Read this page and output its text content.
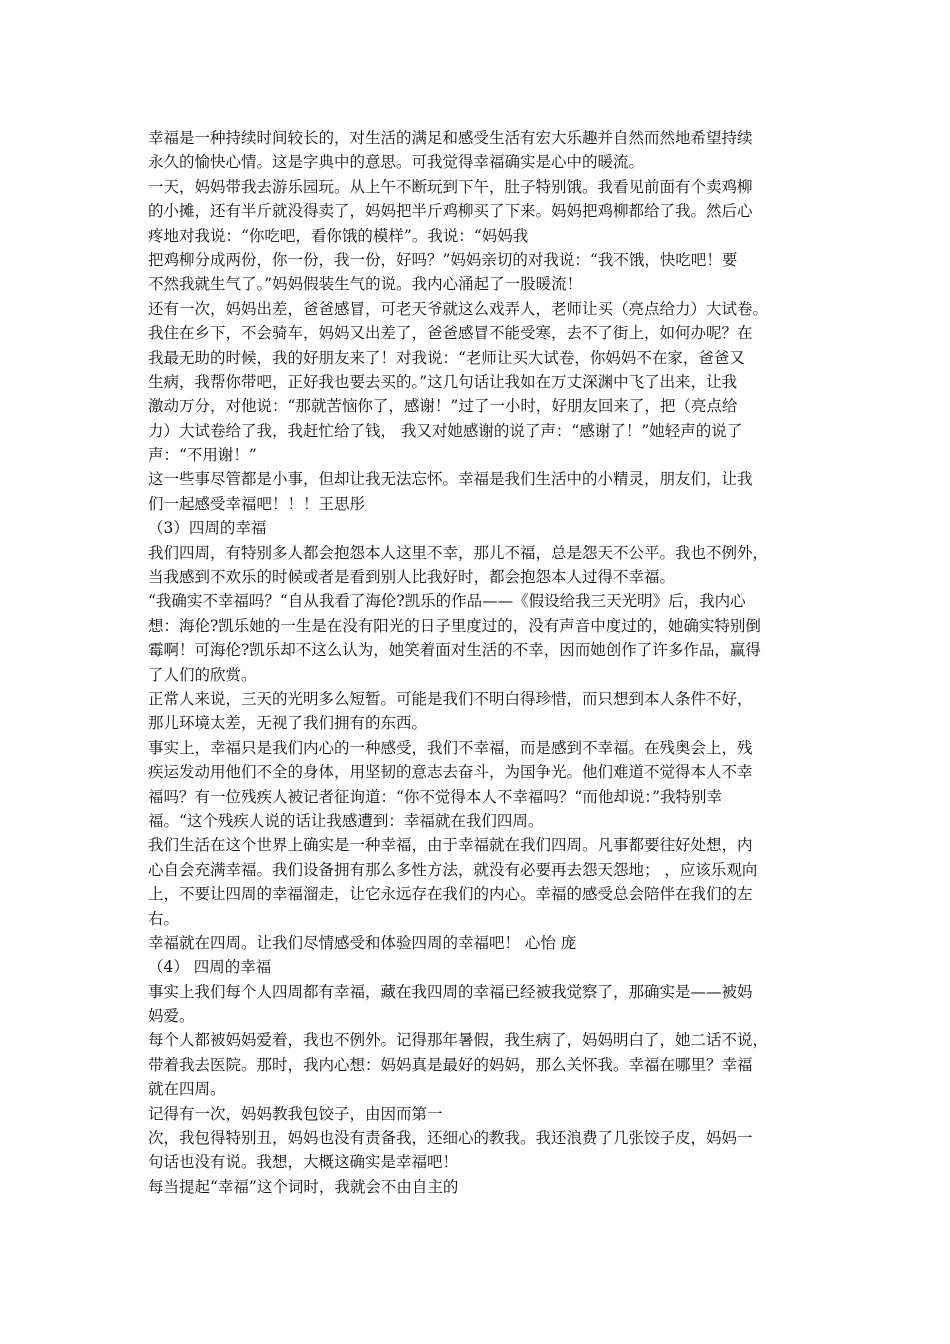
幸福是一种持续时间较长的，对生活的满足和感受生活有宏大乐趣并自然而然地希望持续
永久的愉快心情。这是字典中的意思。可我觉得幸福确实是心中的暖流。
一天，妈妈带我去游乐园玩。从上午不断玩到下午，肚子特别饿。我看见前面有个卖鸡柳
的小摊，还有半斤就没得卖了，妈妈把半斤鸡柳买了下来。妈妈把鸡柳都给了我。然后心
疼地对我说：“你吃吧，看你饿的模样”。我说：“妈妈我
把鸡柳分成两份，你一份，我一份，好吗？”妈妈亲切的对我说：“我不饿，快吃吧！要
不然我就生气了。”妈妈假装生气的说。我内心涌起了一股暖流！
还有一次，妈妈出差，爸爸感冒，可老天爷就这么戏弄人，老师让买（亮点给力）大试卷。
我住在乡下，不会骑车，妈妈又出差了，爸爸感冒不能受寒，去不了街上，如何办呢？在
我最无助的时候，我的好朋友来了！对我说：“老师让买大试卷，你妈妈不在家，爸爸又
生病，我帮你带吧，正好我也要去买的。”这几句话让我如在万丈深渊中飞了出来，让我
激动万分，对他说：“那就苦恼你了，感谢！”过了一小时，好朋友回来了，把（亮点给
力）大试卷给了我，我赶忙给了钱， 我又对她感谢的说了声：“感谢了！”她轻声的说了
声：“不用谢！”
这一些事尽管都是小事，但却让我无法忘怀。幸福是我们生活中的小精灵，朋友们，让我
们一起感受幸福吧！！！王思彤
（3）四周的幸福
我们四周，有特别多人都会抱怨本人这里不幸，那儿不福，总是怨天不公平。我也不例外，
当我感到不欢乐的时候或者是看到别人比我好时，都会抱怨本人过得不幸福。
“我确实不幸福吗？“自从我看了海伦?凯乐的作品——《假设给我三天光明》后，我内心
想：海伦?凯乐她的一生是在没有阳光的日子里度过的，没有声音中度过的，她确实特别倒
霉啊！可海伦?凯乐却不这么认为，她笑着面对生活的不幸，因而她创作了许多作品，赢得
了人们的欣赏。
正常人来说，三天的光明多么短暂。可能是我们不明白得珍惜，而只想到本人条件不好，
那儿环境太差，无视了我们拥有的东西。
事实上，幸福只是我们内心的一种感受，我们不幸福，而是感到不幸福。在残奥会上，残
疾运发动用他们不全的身体，用坚韧的意志去奋斗，为国争光。他们难道不觉得本人不幸
福吗？有一位残疾人被记者征询道：“你不觉得本人不幸福吗？“而他却说：”我特别幸
福。“这个残疾人说的话让我感遭到：幸福就在我们四周。
我们生活在这个世界上确实是一种幸福，由于幸福就在我们四周。凡事都要往好处想，内
心自会充满幸福。我们设备拥有那么多性方法，就没有必要再去怨天怨地； ，应该乐观向
上，不要让四周的幸福溜走，让它永远存在我们的内心。幸福的感受总会陪伴在我们的左
右。
幸福就在四周。让我们尽情感受和体验四周的幸福吧！ 心怡 庞
（4） 四周的幸福
事实上我们每个人四周都有幸福，藏在我四周的幸福已经被我觉察了，那确实是——被妈
妈爱。
每个人都被妈妈爱着，我也不例外。记得那年暑假，我生病了，妈妈明白了，她二话不说，
带着我去医院。那时，我内心想：妈妈真是最好的妈妈，那么关怀我。幸福在哪里？幸福
就在四周。
记得有一次，妈妈教我包饺子，由因而第一
次，我包得特别丑，妈妈也没有责备我，还细心的教我。我还浪费了几张饺子皮，妈妈一
句话也没有说。我想，大概这确实是幸福吧！
每当提起“幸福”这个词时，我就会不由自主的
